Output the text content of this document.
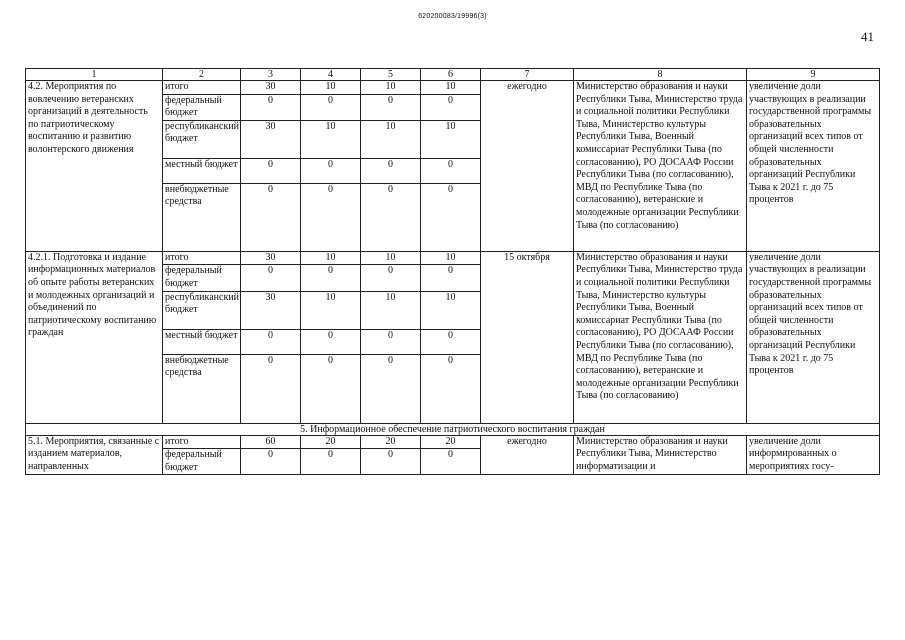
620200083/19996(3)
41
1	2	3	4	5	6	7	8	9
4.2. Мероприятия по вовлечению ветеранских организаций в деятельность по патриотическому воспитанию и развитию волонтерского движения	итого	30	10	10	10	ежегодно	Министерство образования и науки Республики Тыва, Министерство труда и социальной политики Республики Тыва, Министерство культуры Республики Тыва, Военный комиссариат Республики Тыва (по согласованию), РО ДОСААФ России Республики Тыва (по согласованию), МВД по Республике Тыва (по согласованию), ветеранские и молодежные организации Республики Тыва (по согласованию)	увеличение доли участвующих в реализации государственной программы образовательных организаций всех типов от общей численности образовательных организаций Республики Тыва к 2021 г. до 75 процентов
	федеральный бюджет	0	0	0	0			
	республиканский бюджет	30	10	10	10			
	местный бюджет	0	0	0	0			
	внебюджетные средства	0	0	0	0			
4.2.1. Подготовка и издание информационных материалов об опыте работы ветеранских и молодежных организаций и объединений по патриотическому воспитанию граждан	итого	30	10	10	10	15 октября	Министерство образования и науки Республики Тыва, Министерство труда и социальной политики Республики Тыва, Министерство культуры Республики Тыва, Военный комиссариат Республики Тыва (по согласованию), РО ДОСААФ России Республики Тыва (по согласованию), МВД по Республике Тыва (по согласованию), ветеранские и молодежные организации Республики Тыва (по согласованию)	увеличение доли участвующих в реализации государственной программы образовательных организаций всех типов от общей численности образовательных организаций Республики Тыва к 2021 г. до 75 процентов
	федеральный бюджет	0	0	0	0			
	республиканский бюджет	30	10	10	10			
	местный бюджет	0	0	0	0			
	внебюджетные средства	0	0	0	0			
5. Информационное обеспечение патриотического воспитания граждан								
5.1. Мероприятия, связанные с изданием материалов, направленных	итого	60	20	20	20	ежегодно	Министерство образования и науки Республики Тыва, Министерство информатизации и	увеличение доли информированных о мероприятиях госу-
	федеральный бюджет	0	0	0	0			
